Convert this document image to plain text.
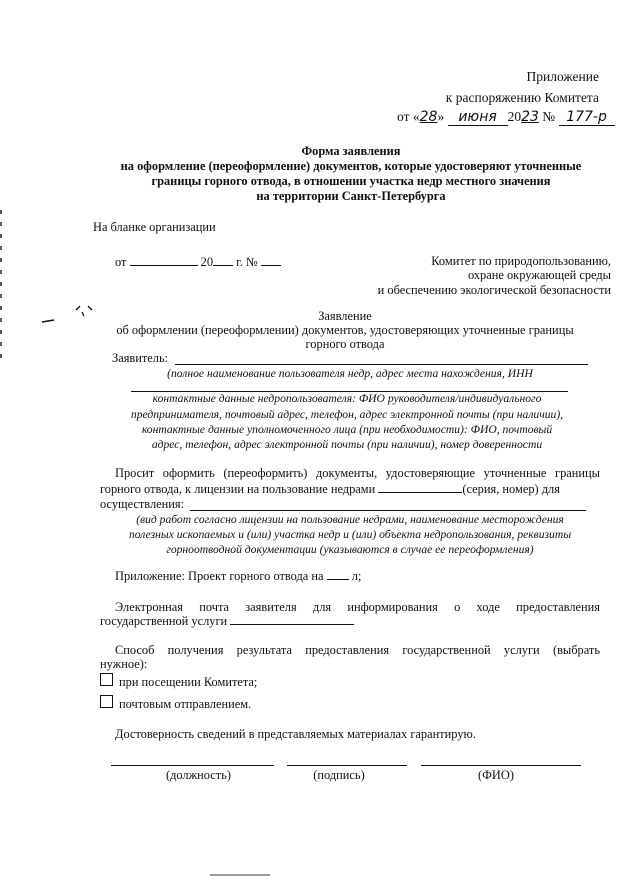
Приложение
к распоряжению Комитета
от «28» июня 2023 № 177-р
Форма заявления
на оформление (переоформление) документов, которые удостоверяют уточненные
границы горного отвода, в отношении участка недр местного значения
на территории Санкт-Петербурга
На бланке организации
от	20 г. №	Комитет по природопользованию,
охране окружающей среды
и обеспечению экологической безопасности
Заявление
об оформлении (переоформлении) документов, удостоверяющих уточненные границы
горного отвода
Заявитель:
(полное наименование пользователя недр, адрес места нахождения, ИНН
контактные данные недропользователя: ФИО руководителя/индивидуального
предпринимателя, почтовый адрес, телефон, адрес электронной почты (при наличии),
контактные данные уполномоченного лица (при необходимости): ФИО, почтовый
адрес, телефон, адрес электронной почты (при наличии), номер доверенности
Просит оформить (переоформить) документы, удостоверяющие уточненные границы
горного отвода, к лицензии на пользование недрами	(серия, номер) для
осуществления:
(вид работ согласно лицензии на пользование недрами, наименование месторождения
полезных ископаемых и (или) участка недр и (или) объекта недропользования, реквизиты
горноотводной документации (указываются в случае ее переоформления)
Приложение: Проект горного отвода на л;
Электронная почта заявителя для информирования о ходе предоставления
государственной услуги
Способ получения результата предоставления государственной услуги (выбрать
нужное):
при посещении Комитета;
почтовым отправлением.
Достоверность сведений в представляемых материалах гарантирую.
(должность)	(подпись)	(ФИО)
